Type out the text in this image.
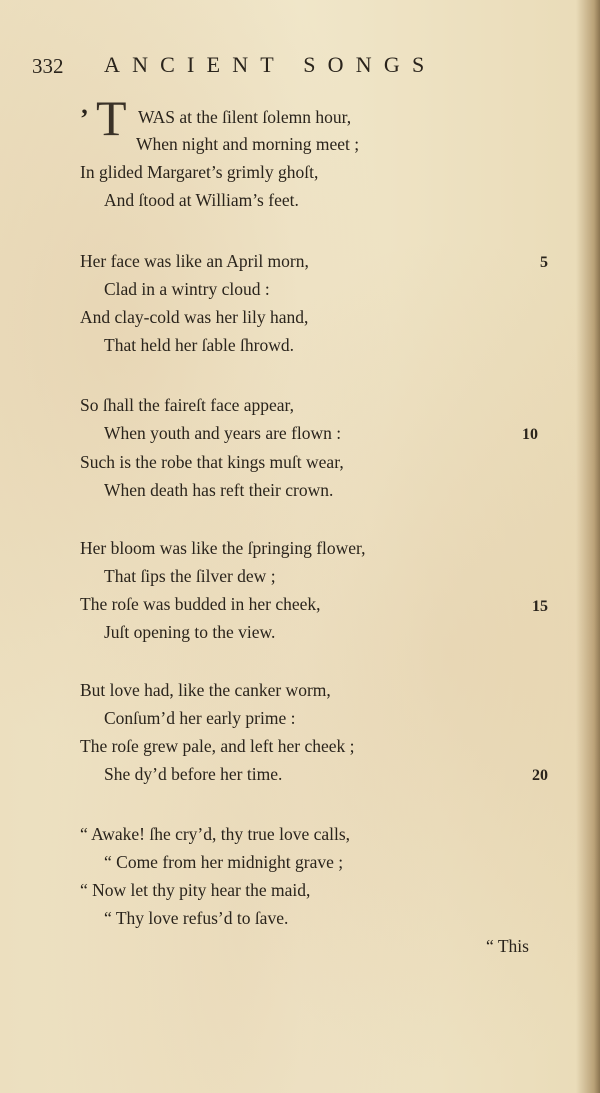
332 ANCIENT SONGS
’ T WAS at the ſilent ſolemn hour,
When night and morning meet ;
In glided Margaret’s grimly ghoſt,
And ſtood at William’s feet.
Her face was like an April morn,
Clad in a wintry cloud :
And clay-cold was her lily hand,
That held her ſable ſhrowd.
So ſhall the faireſt face appear,
When youth and years are flown :
Such is the robe that kings muſt wear,
When death has reft their crown.
Her bloom was like the ſpringing flower,
That ſips the ſilver dew ;
The roſe was budded in her cheek,
Juſt opening to the view.
But love had, like the canker worm,
Conſum’d her early prime :
The roſe grew pale, and left her cheek ;
She dy’d before her time.
“ Awake! ſhe cry’d, thy true love calls,
“ Come from her midnight grave ;
“ Now let thy pity hear the maid,
“ Thy love refus’d to ſave.
5
10
15
20
“ This
